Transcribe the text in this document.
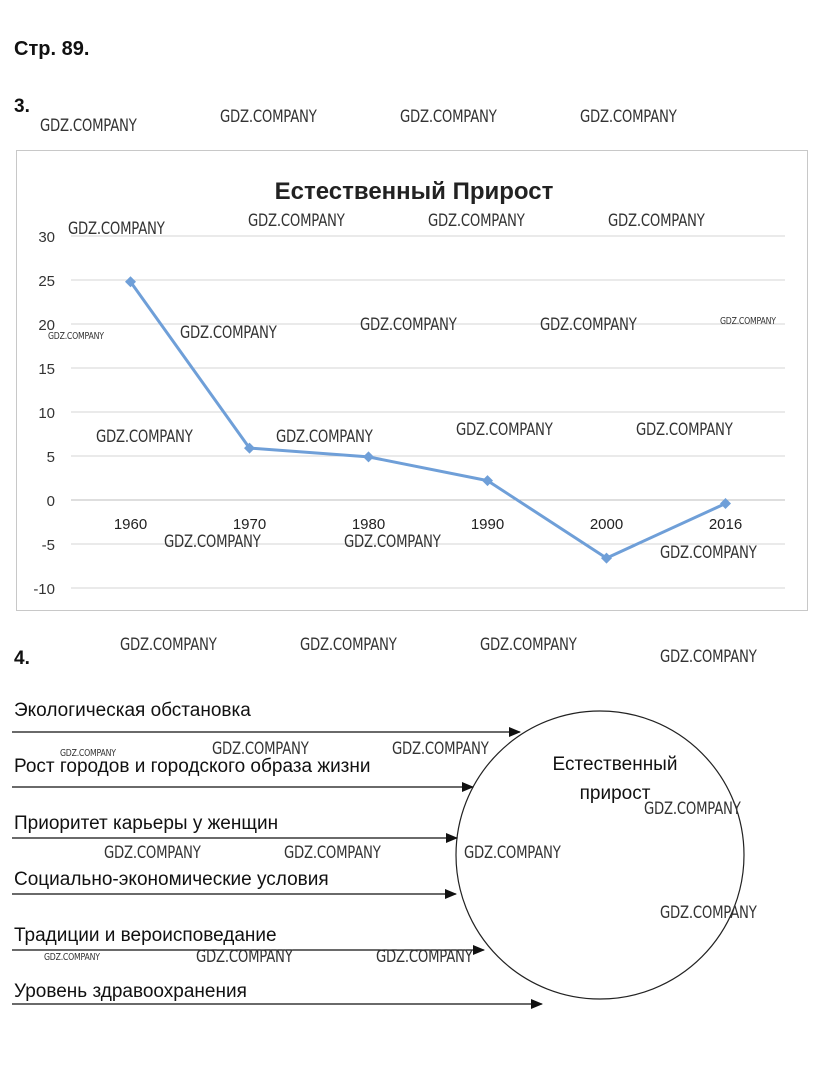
Стр. 89.
3.
4.
Естественный Прирост
30
25
20
15
10
5
0
-5
-10
1960	1970	1980	1990	2000	2016
GDZ.COMPANY	GDZ.COMPANY	GDZ.COMPANY	GDZ.COMPANY
GDZ.COMPANY	GDZ.COMPANY	GDZ.COMPANY	GDZ.COMPANY
GDZ.COMPANY	GDZ.COMPANY	GDZ.COMPANY	GDZ.COMPANY	GDZ.COMPANY
GDZ.COMPANY	GDZ.COMPANY	GDZ.COMPANY	GDZ.COMPANY
GDZ.COMPANY	GDZ.COMPANY
GDZ.COMPANY
GDZ.COMPANY	GDZ.COMPANY	GDZ.COMPANY
GDZ.COMPANY
Экологическая обстановка
Рост городов и городского образа жизни
Приоритет карьеры у женщин
Социально-экономические условия
Традиции и вероисповедание
Уровень здравоохранения
Естественный прирост
GDZ.COMPANY	GDZ.COMPANY	GDZ.COMPANY
GDZ.COMPANY
GDZ.COMPANY	GDZ.COMPANY	GDZ.COMPANY
GDZ.COMPANY
GDZ.COMPANY	GDZ.COMPANY	GDZ.COMPANY
